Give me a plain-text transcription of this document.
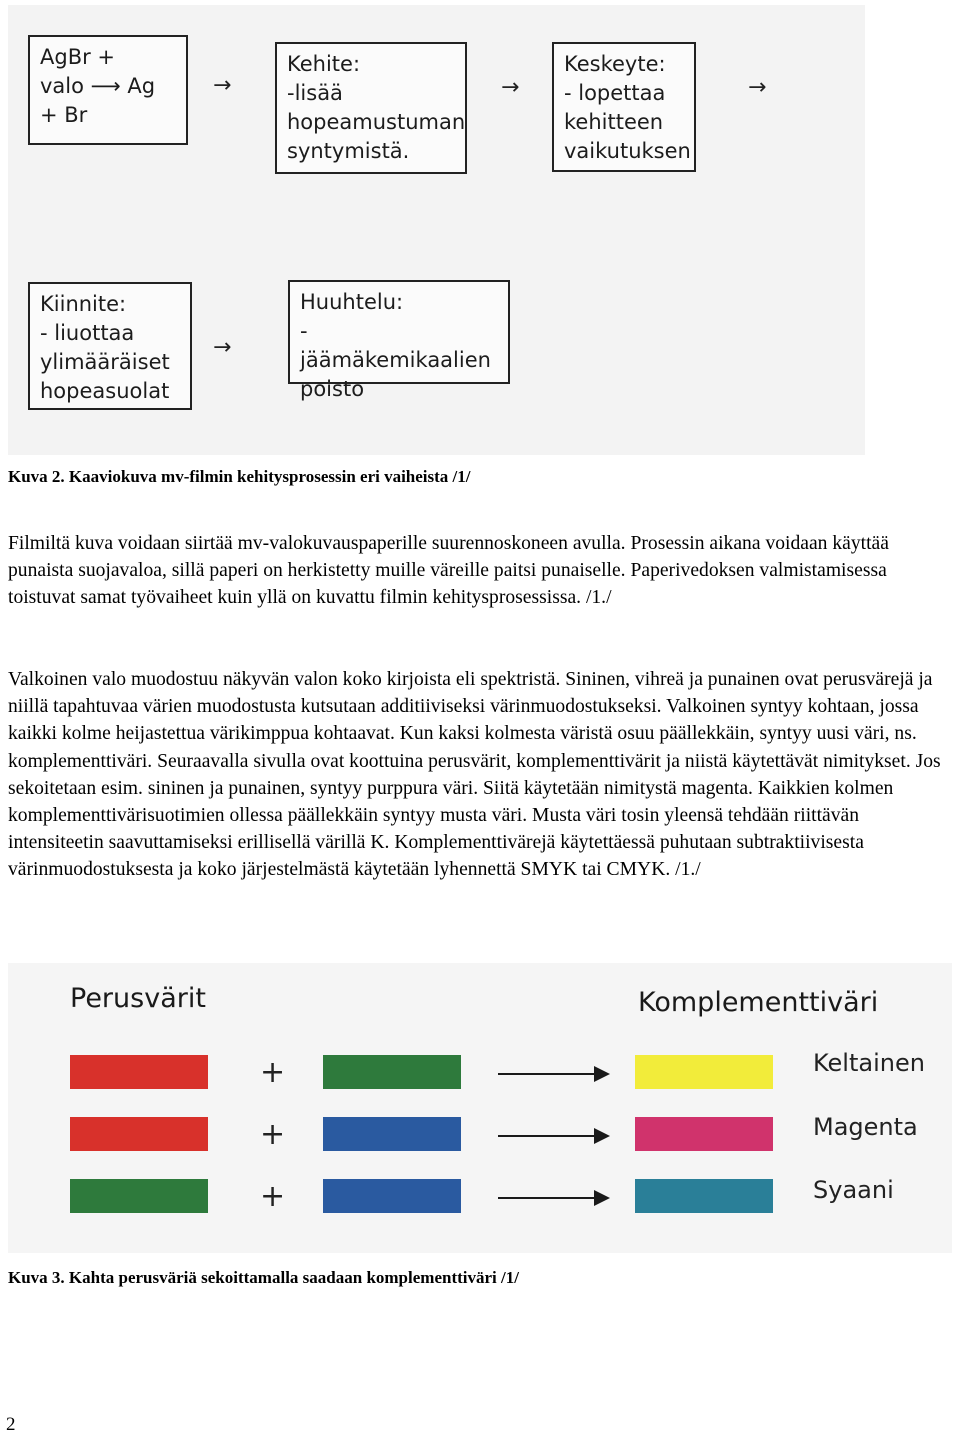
AgBr +
valo ⟶ Ag
+ Br
→
Kehite:
-lisää
hopeamustuman
syntymistä.
→
Keskeyte:
- lopettaa
kehitteen
vaikutuksen
→
Kiinnite:
- liuottaa
ylimääräiset
hopeasuolat
→
Huuhtelu:
- jäämäkemikaalien
poisto
Kuva 2. Kaaviokuva mv-filmin kehitysprosessin eri vaiheista /1/

Filmiltä kuva voidaan siirtää mv-valokuvauspaperille suurennoskoneen avulla. Prosessin aikana voidaan käyttää punaista suojavaloa, sillä paperi on herkistetty muille väreille paitsi punaiselle. Paperivedoksen valmistamisessa toistuvat samat työvaiheet kuin yllä on kuvattu filmin kehitysprosessissa. /1./

Valkoinen valo muodostuu näkyvän valon koko kirjoista eli spektristä. Sininen, vihreä ja punainen ovat perusvärejä ja niillä tapahtuvaa värien muodostusta kutsutaan additiiviseksi värinmuodostukseksi. Valkoinen syntyy kohtaan, jossa kaikki kolme heijastettua värikimppua kohtaavat. Kun kaksi kolmesta väristä osuu päällekkäin, syntyy uusi väri, ns. komplementtiväri. Seuraavalla sivulla ovat koottuina perusvärit, komplementtivärit ja niistä käytettävät nimitykset. Jos sekoitetaan esim. sininen ja punainen, syntyy purppura väri. Siitä käytetään nimitystä magenta. Kaikkien kolmen komplementtivärisuotimien ollessa päällekkäin syntyy musta väri. Musta väri tosin yleensä tehdään riittävän intensiteetin saavuttamiseksi erillisellä värillä K. Komplementtivärejä käytettäessä puhutaan subtraktiivisesta värinmuodostuksesta ja koko järjestelmästä käytetään lyhennettä SMYK tai CMYK. /1./

Perusvärit	Komplementtiväri
+	Keltainen
+	Magenta
+	Syaani
Kuva 3. Kahta perusväriä sekoittamalla saadaan komplementtiväri /1/
2
